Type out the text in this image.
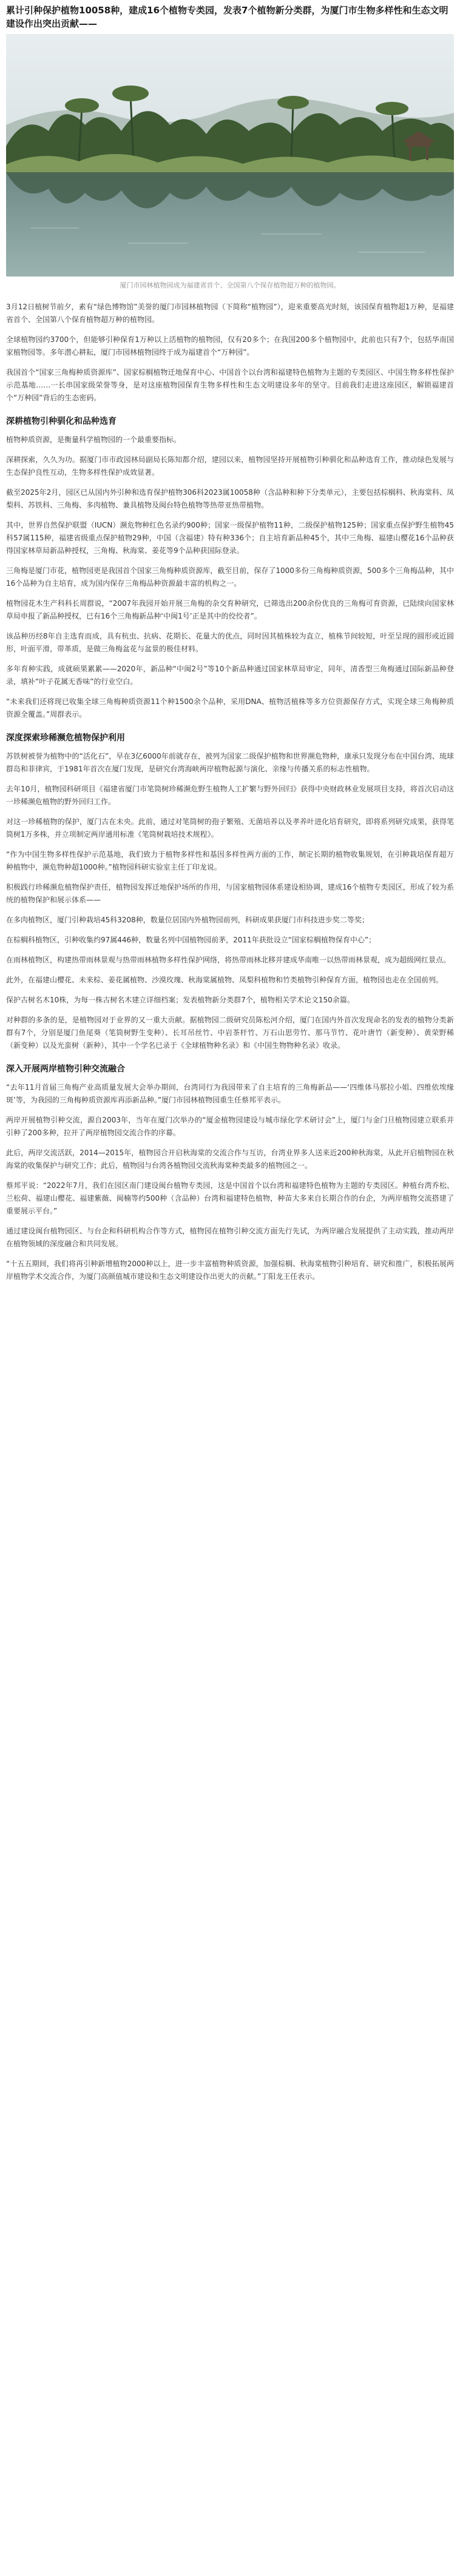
累计引种保护植物10058种，建成16个植物专类园，发表7个植物新分类群，为厦门市生物多样性和生态文明建设作出突出贡献——
厦门市园林植物园成为福建省首个、全国第八个保存植物超万种的植物园。

3月12日植树节前夕，素有“绿色博物馆”美誉的厦门市园林植物园（下简称“植物园”），迎来重要高光时刻，该园保育植物超1万种，是福建省首个、全国第八个保育植物超万种的植物园。

全球植物园约3700个，但能够引种保育1万种以上活植物的植物园，仅有20多个；在我国200多个植物园中，此前也只有7个，包括华南国家植物园等。多年潜心耕耘，厦门市园林植物园终于成为福建首个“万种园”。

我国首个“国家三角梅种质资源库”、国家棕榈植物迁地保育中心、中国首个以台湾和福建特色植物为主题的专类园区、中国生物多样性保护示范基地……一长串国家级荣誉等身，是对这座植物园保育生物多样性和生态文明建设多年的坚守。目前我们走进这座园区，解锁福建首个“万种园”背后的生态密码。

深耕植物引种驯化和品种选育

植物种质资源，是衡量科学植物园的一个最重要指标。

深耕探索，久久为功。据厦门市市政园林局副局长陈知都介绍，建园以来，植物园坚持开展植物引种驯化和品种选育工作，推动绿色发展与生态保护良性互动，生物多样性保护成效显著。

截至2025年2月，园区已从国内外引种和选育保护植物306科2023属10058种（含品种和种下分类单元），主要包括棕榈科、秋海棠科、凤梨科、苏铁科、三角梅、多肉植物、兼具植物及闽台特色植物等热带亚热带植物。

其中，世界自然保护联盟（IUCN）濒危物种红色名录约900种；国家一级保护植物11种，二级保护植物125种；国家重点保护野生植物45科57属115种，福建省级重点保护植物29种，中国（含福建）特有种336个；自主培育新品种45个，其中三角梅、福建山樱花16个品种获得国家林草局新品种授权，三角梅、秋海棠、姜花等9个品种获国际登录。

三角梅是厦门市花，植物园更是我国首个国家三角梅种质资源库，截至目前，保存了1000多份三角梅种质资源，500多个三角梅品种，其中16个品种为自主培育，成为国内保存三角梅品种资源最丰富的机构之一。

植物园花木生产科科长周群说，“2007年我园开始开展三角梅的杂交育种研究，已筛选出200余份优良的三角梅可育资源，已陆续向国家林草局申报了新品种授权，已有16个三角梅新品种‘中闽1号’正是其中的佼佼者”。

该品种历经8年自主选育而成，具有杭虫、抗病、花期长、花量大的优点，同时因其植株较为直立，植株节间较短，叶至呈现的圆形或近圆形，叶面平滑，带革质，是做三角梅盆花与盆景的极佳材料。

多年育种实践，成就硕果累累——2020年，新品种“中闽2号”等10个新品种通过国家林草局审定，同年，清香型三角梅通过国际新品种登录，填补“叶子花属无香味”的行业空白。

“未来我们还将现已收集全球三角梅种质资源11个种1500余个品种，采用DNA、植物活植株等多方位资源保存方式，实现全球三角梅种质资源全覆盖。”周群表示。

深度探索珍稀濒危植物保护利用

苏铁树被誉为植物中的“活化石”，早在3亿6000年前就存在，被列为国家二级保护植物和世界濒危物种，康承只发现分布在中国台湾、琉球群岛和菲律宾，于1981年首次在厦门发现，是研究台湾海峡两岸植物起源与演化、亲缘与传播关系的标志性植物。

去年10月，植物园科研项目《福建省厦门市笔筒树珍稀濒危野生植物人工扩繁与野外回归》获得中央财政林业发展项目支持，将首次启动这一珍稀濒危植物的野外回归工作。

对这一珍稀植物的保护，厦门古在未央。此前，通过对笔筒树的孢子繁殖、无菌培养以及孝养叶进化培育研究，即将系列研究成果，获得笔筒树1万多株，并立项制定两岸通用标准《笔筒树栽培技术规程》。

“作为中国生物多样性保护示范基地，我们致力于植物多样性和基因多样性两方面的工作，制定长期的植物收集规划，在引种栽培保育超万种植物中，濒危物种超1000种。”植物园科研实验室主任丁印龙说。

积极践行珍稀濒危植物保护责任，植物园发挥迁地保护场所的作用，与国家植物园体系建设相协调，建成16个植物专类园区，形成了较为系统的植物保护和展示体系——

在多肉植物区，厦门引种栽培45科3208种，数量位居国内外植物园前列，科研成果获厦门市科技进步奖二等奖；

在棕榈科植物区，引种收集约97属446种，数量名列中国植物园前茅，2011年获批设立“国家棕榈植物保育中心”；

在雨林植物区，构建热带雨林景观与热带雨林植物多样性保护网络，将热带雨林北移并建成华南唯一以热带雨林景观，成为超级网红景点。

此外，在福建山樱花、未来棕、姜花属植物、沙漠玫瑰、秋海棠属植物、凤梨科植物和竹类植物引种保育方面，植物园也走在全国前列。

保护古树名木10株，为每一株古树名木建立详细档案；发表植物新分类群7个，植物相关学术论文150余篇。

对种群的多条的是，是植物园对于业界的又一重大贡献。据植物园二级研究员陈松河介绍，厦门在国内外首次发现命名的发表的植物分类新群有7个，分别是厦门鱼尾葵（笔筒树野生变种）、长耳吊丝竹、中岩茶杆竹、万石山思劳竹、那马节竹、花叶唐竹（新变种）、黄荣野稀（新变种）以及光蛮树（新种），其中一个学名已录于《全球植物种名录》和《中国生物物种名录》收录。

深入开展两岸植物引种交流融合

“去年11月首届三角梅产业高质量发展大会举办期间，台湾同行为我园带来了自主培育的三角梅新品——‘四维体马那拉小姐、四维依埃缘斑’等，为我园的三角梅种质资源库再添新品种。”厦门市园林植物园重生任蔡邦平表示。

两岸开展植物引种交流，源自2003年，当年在厦门次举办的“厦金植物园建设与城市绿化学术研讨会”上，厦门与金门旦植物园建立联系并引种了200多种，拉开了两岸植物园交流合作的序幕。

此后，两岸交流活跃，2014—2015年，植物园合开启秋海棠的交流合作与互访，台湾业界多人送来近200种秋海棠，从此开启植物园在秋海棠的收集保护与研究工作；此后，植物园与台湾各植物园交流秋海棠种类最多的植物园之一。

蔡邦平说：“2022年7月，我们在园区南门建设闽台植物专类园，这是中国首个以台湾和福建特色植物为主题的专类园区。种植台湾乔松、兰松荷、福建山樱花、福建紫薇、闽楠等约500种（含品种）台湾和福建特色植物，种苗大多来自长期合作的台企，为两岸植物交流搭建了重要展示平台。”

通过建设闽台植物园区、与台企和科研机构合作等方式，植物园在植物引种交流方面先行先试，为两岸融合发展提供了主动实践，推动两岸在植物领域的深度融合和共同发展。

“十五五期间，我们将再引种新增植物2000种以上，进一步丰富植物种质资源，加强棕榈、秋海棠植物引种培育、研究和推广，积极拓展两岸植物学术交流合作，为厦门高颜值城市建设和生态文明建设作出更大的贡献。”丁阳龙王任表示。
